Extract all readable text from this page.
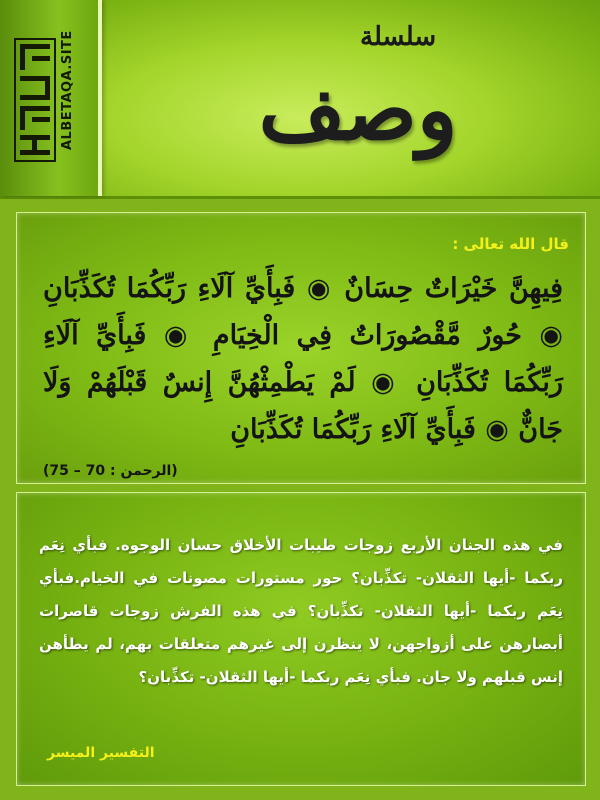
ALBETAQA.SITE	سلسلة
وصف
قال الله تعالى :
فِيهِنَّ خَيْرَاتٌ حِسَانٌ ◉ فَبِأَيِّ آلَاءِ رَبِّكُمَا تُكَذِّبَانِ ◉ حُورٌ مَّقْصُورَاتٌ فِي الْخِيَامِ ◉ فَبِأَيِّ آلَاءِ رَبِّكُمَا تُكَذِّبَانِ ◉ لَمْ يَطْمِثْهُنَّ إِنسٌ قَبْلَهُمْ وَلَا جَانٌّ ◉ فَبِأَيِّ آلَاءِ رَبِّكُمَا تُكَذِّبَانِ
(الرحمن : 70 – 75)
في هذه الجنان الأربع زوجات طيبات الأخلاق حسان الوجوه. فبأي نِعَم ربكما -أيها الثقلان- تكذِّبان؟ حور مستورات مصونات في الخيام.فبأي نِعَم ربكما -أيها الثقلان- تكذِّبان؟ في هذه الفرش زوجات قاصرات أبصارهن على أزواجهن، لا ينظرن إلى غيرهم متعلقات بهم، لم يطأهن إنس قبلهم ولا جان. فبأي نِعَم ربكما -أيها الثقلان- تكذِّبان؟
التفسير الميسر
